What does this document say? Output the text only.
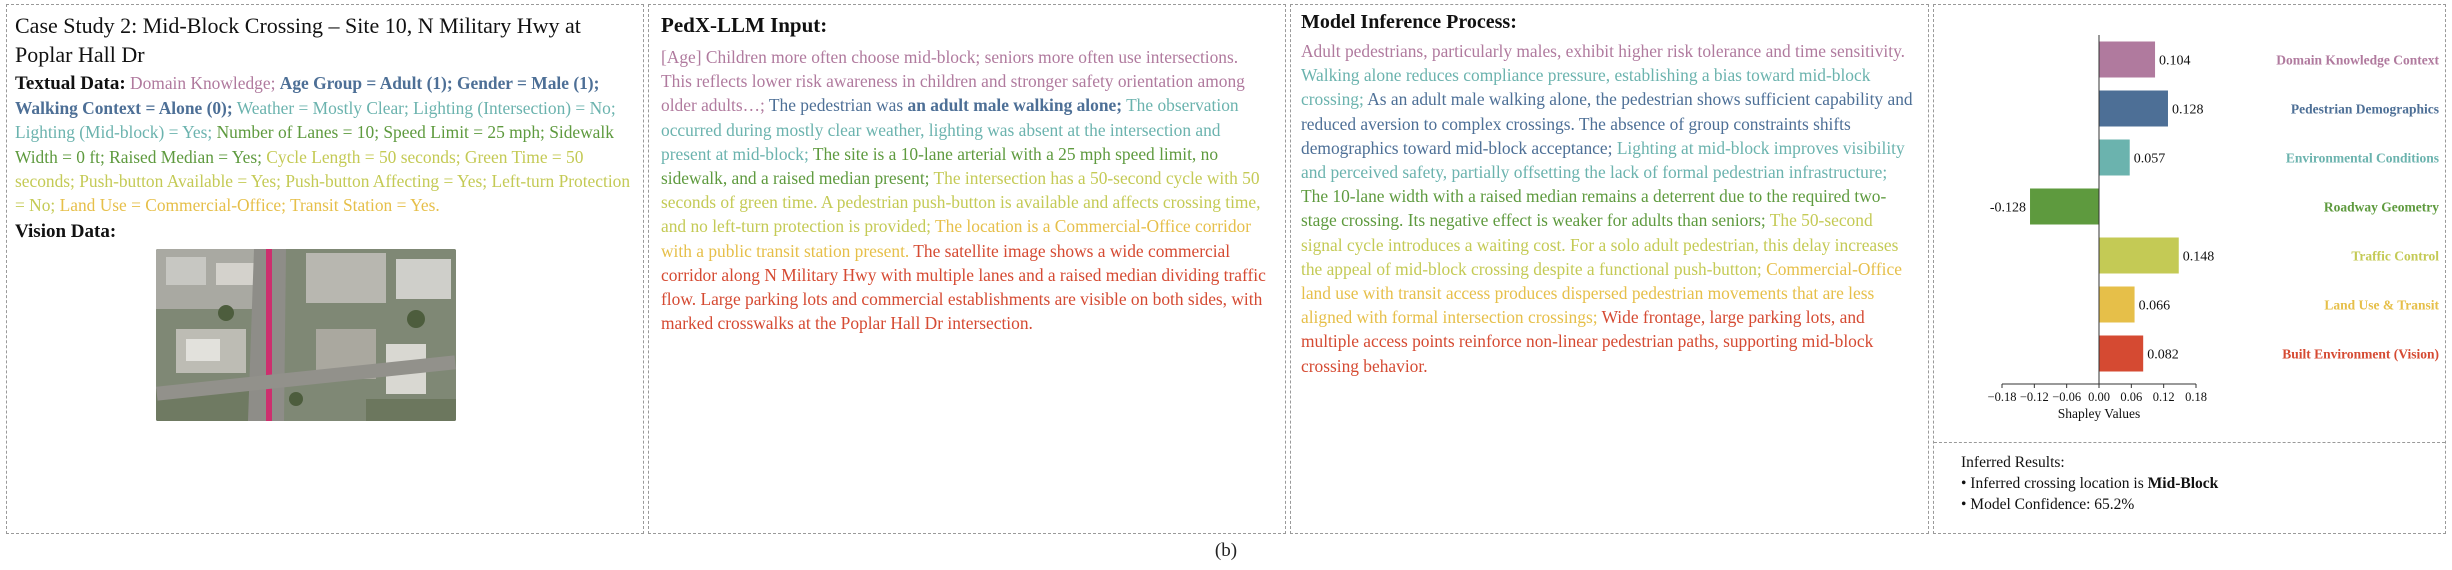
Case Study 2: Mid-Block Crossing – Site 10, N Military Hwy at Poplar Hall Dr
Textual Data: Domain Knowledge; Age Group = Adult (1); Gender = Male (1); Walking Context = Alone (0); Weather = Mostly Clear; Lighting (Intersection) = No; Lighting (Mid-block) = Yes; Number of Lanes = 10; Speed Limit = 25 mph; Sidewalk Width = 0 ft; Raised Median = Yes; Cycle Length = 50 seconds; Green Time = 50 seconds; Push-button Available = Yes; Push-button Affecting = Yes; Left-turn Protection = No; Land Use = Commercial-Office; Transit Station = Yes.
Vision Data:
PedX-LLM Input:
[Age] Children more often choose mid-block; seniors more often use intersections. This reflects lower risk awareness in children and stronger safety orientation among older adults…; The pedestrian was an adult male walking alone; The observation occurred during mostly clear weather, lighting was absent at the intersection and present at mid-block; The site is a 10-lane arterial with a 25 mph speed limit, no sidewalk, and a raised median present; The intersection has a 50-second cycle with 50 seconds of green time. A pedestrian push-button is available and affects crossing time, and no left-turn protection is provided; The location is a Commercial-Office corridor with a public transit station present. The satellite image shows a wide commercial corridor along N Military Hwy with multiple lanes and a raised median dividing traffic flow. Large parking lots and commercial establishments are visible on both sides, with marked crosswalks at the Poplar Hall Dr intersection.
Model Inference Process:
Adult pedestrians, particularly males, exhibit higher risk tolerance and time sensitivity. Walking alone reduces compliance pressure, establishing a bias toward mid-block crossing; As an adult male walking alone, the pedestrian shows sufficient capability and reduced aversion to complex crossings. The absence of group constraints shifts demographics toward mid-block acceptance; Lighting at mid-block improves visibility and perceived safety, partially offsetting the lack of formal pedestrian infrastructure; The 10-lane width with a raised median remains a deterrent due to the required two-stage crossing. Its negative effect is weaker for adults than seniors; The 50-second signal cycle introduces a waiting cost. For a solo adult pedestrian, this delay increases the appeal of mid-block crossing despite a functional push-button; Commercial-Office land use with transit access produces dispersed pedestrian movements that are less aligned with formal intersection crossings; Wide frontage, large parking lots, and multiple access points reinforce non-linear pedestrian paths, supporting mid-block crossing behavior.
0.104	Domain Knowledge Context
0.128	Pedestrian Demographics
0.057	Environmental Conditions
-0.128	Roadway Geometry
0.148	Traffic Control
0.066	Land Use & Transit
0.082	Built Environment (Vision)
−0.18 −0.12 −0.06 0.00 0.06 0.12 0.18
Shapley Values
Inferred Results:
• Inferred crossing location is Mid-Block
• Model Confidence: 65.2%
(b)
